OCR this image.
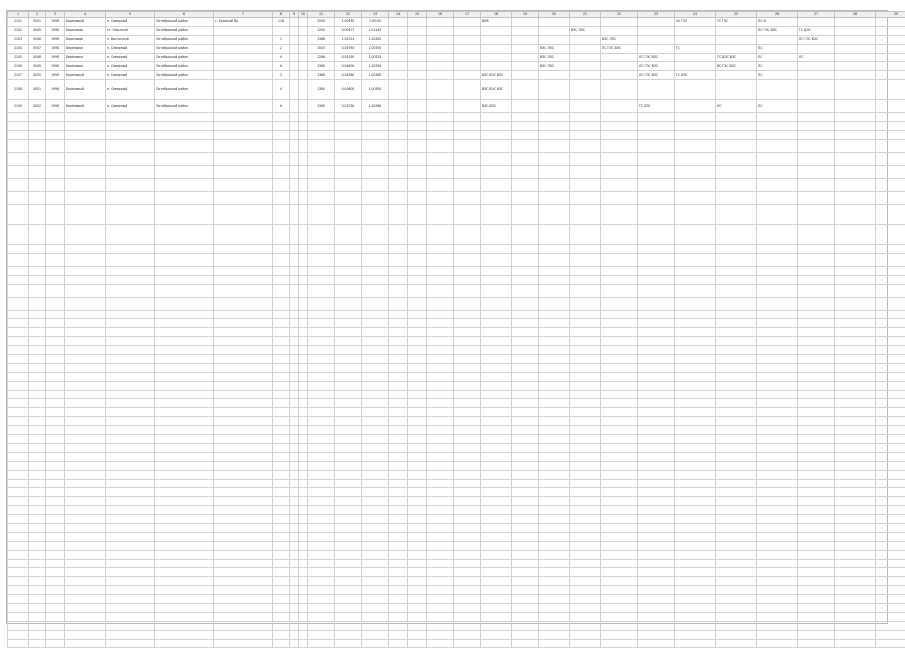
1	2	3	4	5	6	7	8	9	10	11	12	13	14	15	16	17	18	19	20	21	22	23	24	25	26	27	28	29
2101	0041	1998	Берёзовый	п. Северный	Октябрьский район	с. Красный Яр	116			2500	1.00435	1:00:05					BDR						00 ГЭС	ТС ГЭС	ЛС И			
2102	0045	1998	Береговая	ст. Опытный	Октябрьский район					1200	0.00477	1.01243								ВЭС ЛЭС					ЛС ГЭС ВЭС	ГС ДЭС		
2103	0046	1998	Береговая	п. Восточный	Октябрьский район		1			1386	1.02314	1.00302									ВЭС ЛЭС					ЛС ГЭС ВЭС		
2104	0047	1998	Берёзовка	п. Северный	Октябрьский район		2			1500	0.04950	1.00350							ВЭС ЛЭС		ЛС ГЭС ВЭС		ГС		ЛС			
2105	0048	1998	Берёзовка	п. Северный	Октябрьский район		4			1286	0.05250	1.00325							ВЭС ЛЭС			ЛС ГЭС ВЭС		ГС ДЭС ВЭС	ЛС	ЛС		
2106	0049	1998	Берёзовка	п. Северный	Октябрьский район		6			1380	0.04600	1.00350							ВЭС ЛЭС			ЛС ГЭС ВЭС		ВС ГЭС ВЭС	ЛС			
2107	0050	1998	Берёзовый	п. Северный	Октябрьский район		3			1386	0.04580	1.00380					ВЭС ВЭС ВЭС					ЛС ГЭС ВЭС	ГС ЛЭС		ЛС			
2108	0051	1998	Берёзовый	п. Северный	Октябрьский район		4			1380	0.00600	1.00350					ВЭС ВЭС ВЭС											
2109	0052	1998	Берёзовый	п. Северный	Октябрьский район		6			1380	0.03730	1.00380					ВЭС ВЭС					ГС ЛЭС		ЛС	ЛС			
